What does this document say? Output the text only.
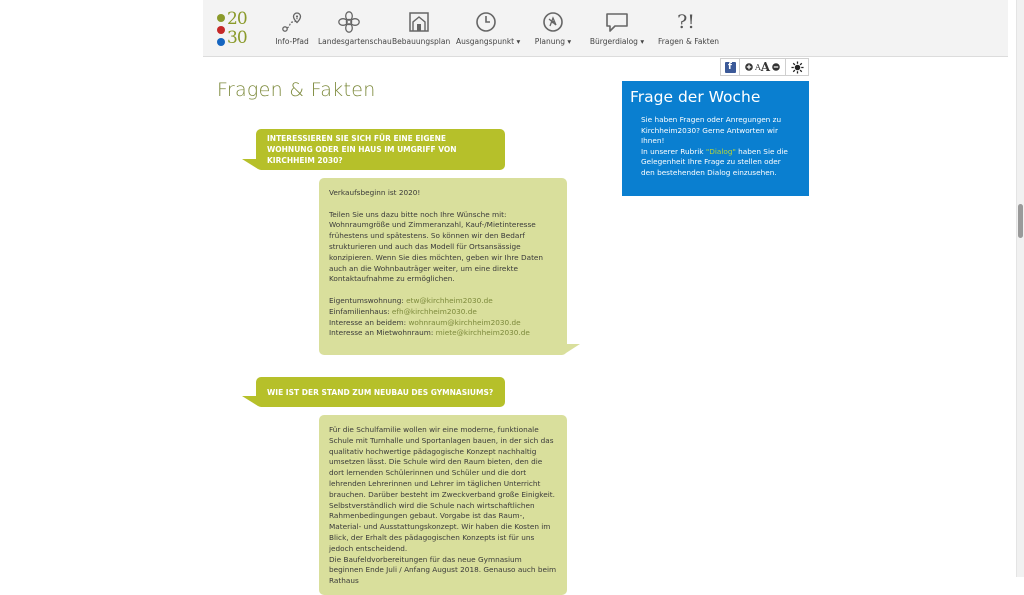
20
30	Info-Pfad	Landesgartenschau Bebauungsplan Ausgangspunkt ▾	Planung ▾	Bürgerdialog ▾
?!
Fragen & Fakten
Fragen & Fakten
f	A A
Frage der Woche

Sie haben Fragen oder Anregungen zu Kirchheim2030? Gerne Antworten wir Ihnen!

In unserer Rubrik "Dialog" haben Sie die Gelegenheit Ihre Frage zu stellen oder den bestehenden Dialog einzusehen.

INTERESSIEREN SIE SICH FÜR EINE EIGENE WOHNUNG ODER EIN HAUS IM UMGRIFF VON KIRCHHEIM 2030?

Verkaufsbeginn ist 2020!

Teilen Sie uns dazu bitte noch Ihre Wünsche mit: Wohnraumgröße und Zimmeranzahl, Kauf-/Mietinteresse frühestens und spätestens. So können wir den Bedarf strukturieren und auch das Modell für Ortsansässige konzipieren. Wenn Sie dies möchten, geben wir Ihre Daten auch an die Wohnbauträger weiter, um eine direkte Kontaktaufnahme zu ermöglichen.

Eigentumswohnung: etw@kirchheim2030.de

Einfamilienhaus: efh@kirchheim2030.de

Interesse an beidem: wohnraum@kirchheim2030.de

Interesse an Mietwohnraum: miete@kirchheim2030.de

WIE IST DER STAND ZUM NEUBAU DES GYMNASIUMS?

Für die Schulfamilie wollen wir eine moderne, funktionale Schule mit Turnhalle und Sportanlagen bauen, in der sich das qualitativ hochwertige pädagogische Konzept nachhaltig umsetzen lässt. Die Schule wird den Raum bieten, den die dort lernenden Schülerinnen und Schüler und die dort lehrenden Lehrerinnen und Lehrer im täglichen Unterricht brauchen. Darüber besteht im Zweckverband große Einigkeit. Selbstverständlich wird die Schule nach wirtschaftlichen Rahmenbedingungen gebaut. Vorgabe ist das Raum-, Material- und Ausstattungskonzept. Wir haben die Kosten im Blick, der Erhalt des pädagogischen Konzepts ist für uns jedoch entscheidend.

Die Baufeldvorbereitungen für das neue Gymnasium beginnen Ende Juli / Anfang August 2018. Genauso auch beim Rathaus
